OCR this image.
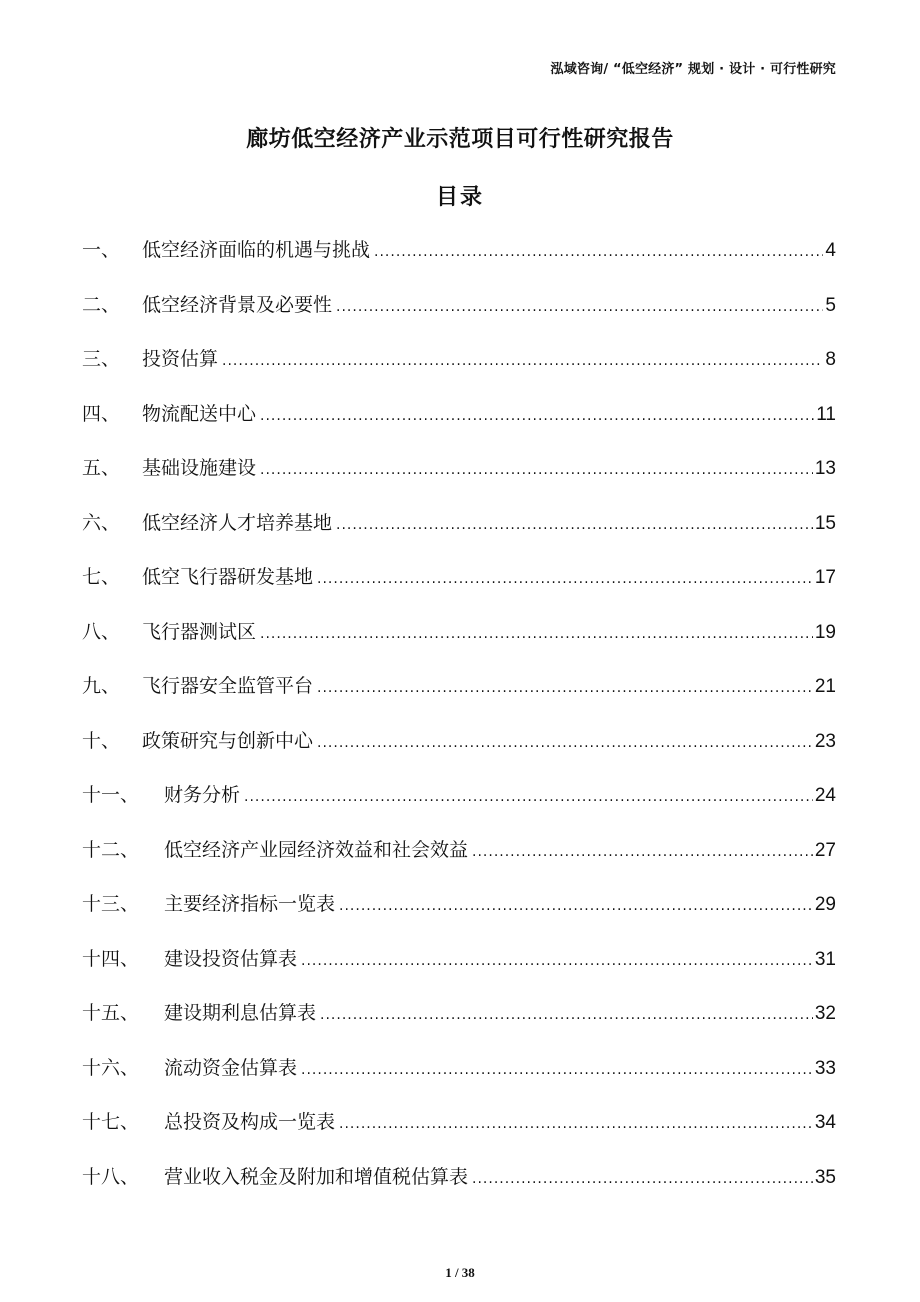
泓域咨询/ “低空经济” 规划 · 设计 · 可行性研究
廊坊低空经济产业示范项目可行性研究报告
目录
一、	低空经济面临的机遇与挑战 .....	4
二、	低空经济背景及必要性 .....	5
三、	投资估算 .....	8
四、	物流配送中心 .....	11
五、	基础设施建设 .....	13
六、	低空经济人才培养基地 .....	15
七、	低空飞行器研发基地 .....	17
八、	飞行器测试区 .....	19
九、	飞行器安全监管平台 .....	21
十、	政策研究与创新中心 .....	23
十一、	财务分析 .....	24
十二、	低空经济产业园经济效益和社会效益 .....	27
十三、	主要经济指标一览表 .....	29
十四、	建设投资估算表 .....	31
十五、	建设期利息估算表 .....	32
十六、	流动资金估算表 .....	33
十七、	总投资及构成一览表 .....	34
十八、	营业收入税金及附加和增值税估算表 .....	35
1 / 38
